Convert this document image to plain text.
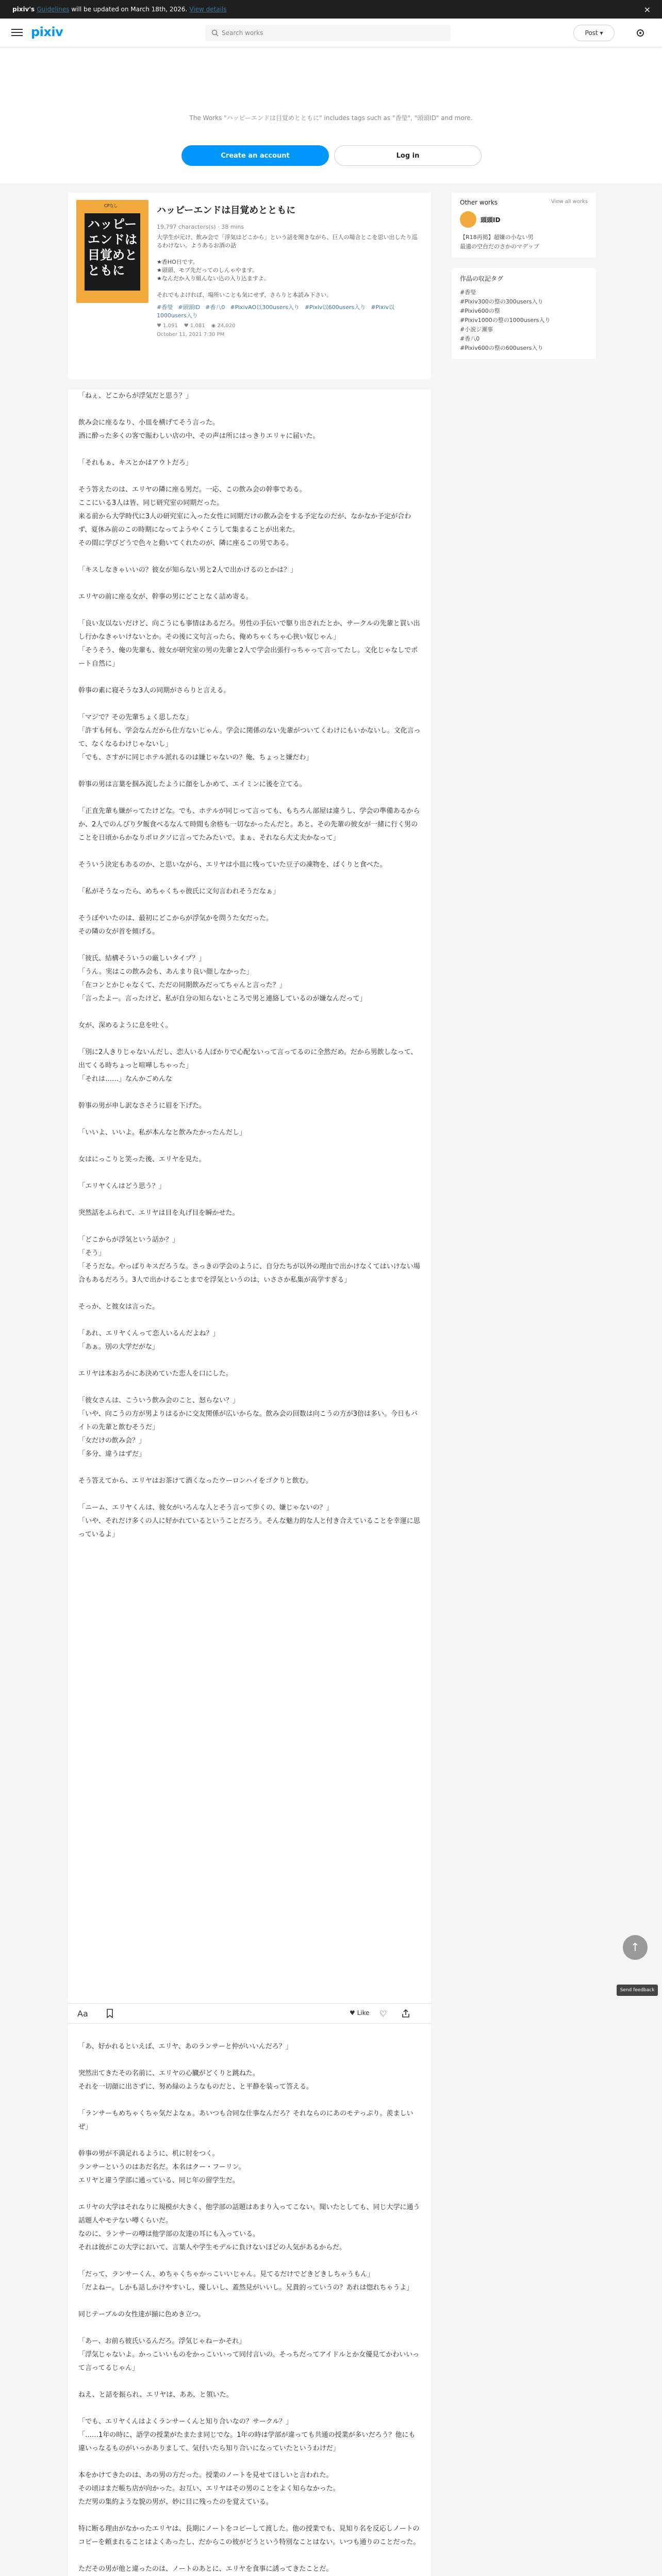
pixiv's Guidelines will be updated on March 18th, 2026. View details	×
pixiv	Search works	Post ▾
The Works "ハッピーエンドは目覚めとともに" includes tags such as "香瑩", "頭頭ID" and more.
Create an account	Log in
CPなし
ハッピーエンドは目覚めとともに
ハッピーエンドは目覚めとともに
19,797 characters(s) · 38 mins
大学生が元け、飲み会で「浮気はどこから」という話を聞きながら、巨人の場合とこを思い出したり巡るわけない。ようあるお酒の話
★香HO日です。
★頭頭、モブ先だってのしんゃやます。
★なんだか入り組んない込の入り込ますよ。
それでもよければ、場所いことも気にせず、さらりと本読み下さい。
#香瑩 #頭頭ID #香八0 #PixivAO以300users入り #Pixiv以600users入り #Pixiv以1000users入り
♥ 1,091 ♥ 1,081 ◉ 24,020
October 11, 2021 7:30 PM
「ねぇ、どこからが浮気だと思う？」
飲み会に座るなり、小皿を横げてそう言った。
酒に酔った多くの客で賑わしい店の中、その声は所にはっきりエリャに届いた。
「それもぁ、キスとかはアウトだろ」
そう答えたのは、エリヤの隣に座る男だ。一応、この飲み会の幹事である。
ここにいる3人は皆、同じ研究室の同期だった。
来る前から大学時代に3人の研究室に入った女性に同期だけの飲み会をする予定なのだが、なかなか予定が合わず、夏休み前のこの時期になってようやくこうして集まることが出来た。
その間に学びどうで色々と動いてくれたのが、隣に座るこの男である。
「キスしなきゃいいの？彼女が知らない男と2人で出かけるのとかは？」
エリヤの前に座る女が、幹事の男にどことなく詰め寄る。
「良い友以ないだけど、向こうにも事情はあるだろ。男性の手伝いで駆り出されたとか、サークルの先輩と買い出し行かなきゃいけないとか。その後に文句言ったら、俺めちゃくちゃ心狭い奴じゃん」
「そうそう、俺の先輩も、彼女が研究室の男の先輩と2人で学会出張行っちゃって言ってたし。文化じゃなしでポート自然に」
幹事の素に寝そうな3人の同期がさらりと言える。
「マジで？その先輩ちょく思したな」
「許すも何も、学会なんだから仕方ないじゃん。学会に関係のない先輩がついてくわけにもいかないし。文化言って、なくなるわけじゃないし」
「でも、さすがに同じホテル派れるのは嫌じゃないの？俺、ちょっと嫌だわ」
幹事の男は言葉を掴み流したように顔をしかめて、エイミンに後を立てる。
「正直先輩も嫌がってたけどな。でも、ホテルが同じって言っても、もちろん部屋は違うし、学会の準備あるからか、2人でのんびり夕飯食べるなんて時間も余格も一切なかったんだと。あと、その先輩の彼女が一緒に行く男のことを日頃からかなりボロクソに言ってたみたいで。まぁ、それなら大丈夫かなって」
そういう決定もあるのか、と思いながら、エリヤは小皿に残っていた豆子の凍物を、ぱくりと食べた。
「私がそうなったら、めちゃくちゃ彼氏に文句言われそうだなぁ」
そうぽやいたのは、最初にどこからが浮気かを問うた女だった。
その隣の女が首を傾げる。
「彼氏、結構そういうの厳しいタイプ？」
「うん。実はこの飲み会も、あんまり良い顔しなかった」
「在コンとかじゃなくて、ただの同期飲みだってちゃんと言った？」
「言ったよー。言ったけど、私が自分の知らないところで男と連絡しているのが嫌なんだって」
女が、深めるように息を吐く。
「別に2人きりじゃないんだし、恋人いる人ばかりで心配ないって言ってるのに全然だめ。だから男飲しなって、出てくる時ちょっと喧嘩しちゃった」
「それは……」なんかごめんな
幹事の男が申し訳なさそうに眉を下げた。
「いいよ、いいよ。私が本んなと飲みたかったんだし」
女はにっこりと笑った後、エリヤを見た。
「エリヤくんはどう思う？」
突然話をふられて、エリヤは目を丸げ目を瞬かせた。
「どこからが浮気という話か？」
「そう」
「そうだな。やっぱりキスだろうな。さっきの学会のように、自分たちが以外の理由で出かけなくてはいけない場合もあるだろう。3人で出かけることまでを浮気というのは、いささか私集が高学すぎる」
そっか、と彼女は言った。
「あれ、エリヤくんって恋人いるんだよね？」
「あぁ。別の大学だがな」
エリヤは本おろかにあ決めていた恋人を口にした。
「彼女さんは、こういう飲み会のこと、怒らない？」
「いや、向こうの方が男よりはるかに交友関係が広いからな。飲み会の回数は向こうの方が3倍は多い。今日もバイトの先輩と飲むそうだ」
「女だけの飲み会？」
「多分、違うはずだ」
そう答えてから、エリヤはお茶けて酒くなったウーロンハイをゴクりと飲む。
「ニーム、エリヤくんは、彼女がいろんな人とそう言って歩くの、嫌じゃないの？」
「いや、それだけ多くの人に好かれているということだろう。そんな魅力的な人と付き合えていることを幸運に思っているよ」
Aa	♥ Like ♡
「あ、好かれるといえば、エリヤ、あのランサーと仲がいいんだろ？」
突然出てきたその名前に、エリヤの心臓がどくりと跳ねた。
それを一切顔に出さずに、努め緑のようなものだと、と平静を装って答える。
「ランサーもめちゃくちゃ気だよなぁ。あいつも合同な仕事なんだろ？それならのにあのモテっぷり。羨ましいぜ」
幹事の男が不満足れるように、机に肘をつく。
ランサーというのはあだ名だ。本名はクー・フーリン。
エリヤと違う学部に通っている、同じ年の留学生だ。
エリヤの大学はそれなりに規模が大きく、他学部の話題はあまり入ってこない。聞いたとしても、同じ大学に通う話題人やモテない噂くらいだ。
なのに、ランサーの噂は他学部の友達の耳にも入っている。
それは彼がこの大学において、言葉人や学生モデルに負けないほどの人気があるからだ。
「だって、ランサーくん、めちゃくちゃかっこいいじゃん。見てるだけでどきどきしちゃうもん」
「だよねー。しかも話しかけやすいし、優しいし、蓋然見がいいし。兄貴的っていうの？あれは惚れちゃうよ」
同じテーブルの女性達が揃に色めき立つ。
「あー、お前ら彼氏いるんだろ。浮気じゃねーかそれ」
「浮気じゃないよ。かっこいいものをかっこいいって同付言いの。そっちだってアイドルとか女優見てかわいいって言ってるじゃん」
ねえ、と話を振られ、エリヤは、ああ、と領いた。
「でも、エリヤくんはよくランサーくんと知り合いなの？サークル？」
「……1年の時に、語学の授業がたまたま同じでな。1年の時は学部が違っても共通の授業が多いだろう？他にも違いっなるものがいっかありまして、気付いたら知り合いになっていたというわけだ」
本をかけてきたのは、あの男の方だった。授業のノートを見せてほしいと言われた。
その頃はまだ帳ち店が向かった。お互い、エリヤはその男のことをよく知らなかった。
ただ男の集約ような貌の男が、妙に目に残ったのを覚えている。
特に断る理由がなかったエリヤは、長期にノートをコピーして渡した。他の授業でも、見知り名を反応しノートのコピーを頼まれることはよくあったし、だからこの彼がどうという特別なことはない。いつも通りのことだった。
ただその男が他と違ったのは、ノートのあとに、エリヤを食事に誘ってきたことだ。
Other works	View all works
頭頭ID
【R18再掲】超嫌の小ない男
最適の空台だのさかのマデップ
作品の収記タグ
#香瑩
#Pixiv300の整の300users入り
#Pixiv600の整
#Pixiv1000の整の1000users入り
#小説ジ瀬事
#香八0
#Pixiv600の整の600users入り
↑
Send feedback
